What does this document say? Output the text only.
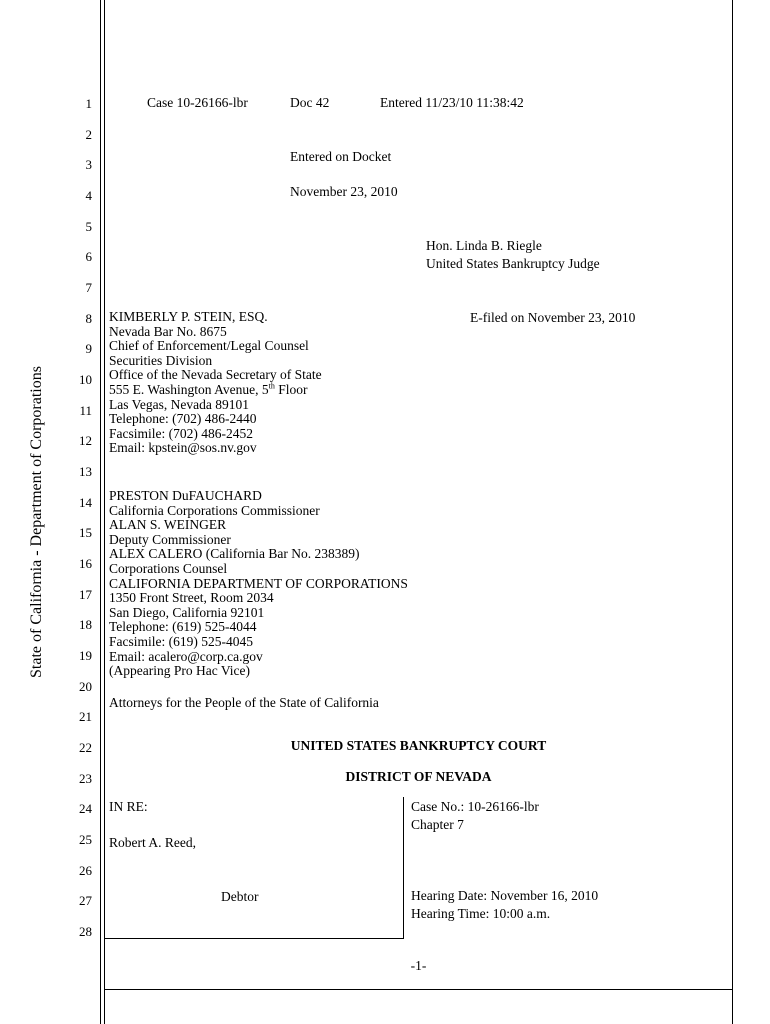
State of California - Department of Corporations
1
2
3
4
5
6
7
8
9
10
11
12
13
14
15
16
17
18
19
20
21
22
23
24
25
26
27
28
Case 10-26166-lbr	Doc 42	Entered 11/23/10 11:38:42
Entered on Docket
November 23, 2010
Hon. Linda B. Riegle
United States Bankruptcy Judge
E-filed on November 23, 2010
KIMBERLY P. STEIN, ESQ.
Nevada Bar No. 8675
Chief of Enforcement/Legal Counsel
Securities Division
Office of the Nevada Secretary of State
555 E. Washington Avenue, 5th Floor
Las Vegas, Nevada 89101
Telephone: (702) 486-2440
Facsimile: (702) 486-2452
Email: kpstein@sos.nv.gov
PRESTON DuFAUCHARD
California Corporations Commissioner
ALAN S. WEINGER
Deputy Commissioner
ALEX CALERO (California Bar No. 238389)
Corporations Counsel
CALIFORNIA DEPARTMENT OF CORPORATIONS
1350 Front Street, Room 2034
San Diego, California 92101
Telephone: (619) 525-4044
Facsimile: (619) 525-4045
Email: acalero@corp.ca.gov
(Appearing Pro Hac Vice)
Attorneys for the People of the State of California
UNITED STATES BANKRUPTCY COURT
DISTRICT OF NEVADA
IN RE:
Robert A. Reed,
Debtor
Case No.: 10-26166-lbr
Chapter 7
Hearing Date: November 16, 2010
Hearing Time: 10:00 a.m.
-1-
